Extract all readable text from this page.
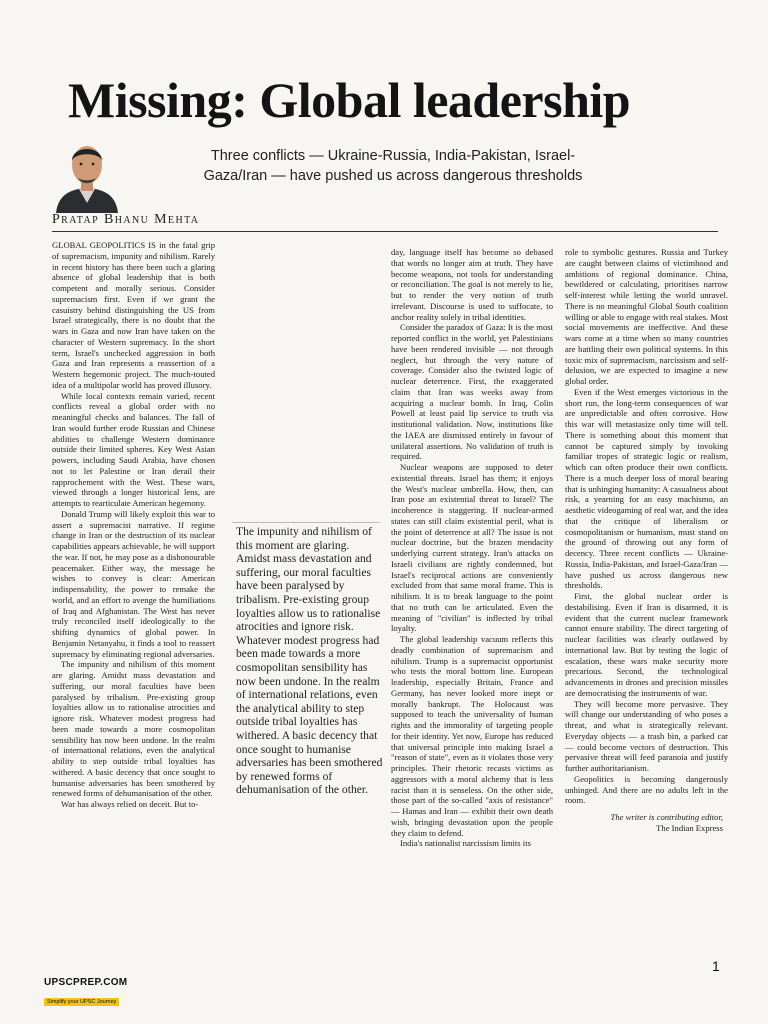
Missing: Global leadership
Three conflicts — Ukraine-Russia, India-Pakistan, Israel-Gaza/Iran — have pushed us across dangerous thresholds
Pratap Bhanu Mehta

GLOBAL GEOPOLITICS IS in the fatal grip of supremacism, impunity and nihilism. Rarely in recent history has there been such a glaring absence of global leadership that is both competent and morally serious. Consider supremacism first. Even if we grant the casuistry behind distinguishing the US from Israel strategically, there is no doubt that the wars in Gaza and now Iran have taken on the character of Western supremacy. In the short term, Israel's unchecked aggression in both Gaza and Iran represents a reassertion of a Western hegemonic project. The much-touted idea of a multipolar world has proved illusory.

While local contexts remain varied, recent conflicts reveal a global order with no meaningful checks and balances. The fall of Iran would further erode Russian and Chinese abilities to challenge Western dominance outside their limited spheres. Key West Asian powers, including Saudi Arabia, have chosen not to let Palestine or Iran derail their rapprochement with the West. These wars, viewed through a longer historical lens, are attempts to rearticulate American hegemony.

Donald Trump will likely exploit this war to assert a supremacist narrative. If regime change in Iran or the destruction of its nuclear capabilities appears achievable, he will support the war. If not, he may pose as a dishonourable peacemaker. Either way, the message he wishes to convey is clear: American indispensability, the power to remake the world, and an effort to avenge the humiliations of Iraq and Afghanistan. The West has never truly reconciled itself ideologically to the shifting dynamics of global power. In Benjamin Netanyahu, it finds a tool to reassert supremacy by eliminating regional adversaries.

The impunity and nihilism of this moment are glaring. Amidst mass devastation and suffering, our moral faculties have been paralysed by tribalism. Pre-existing group loyalties allow us to rationalise atrocities and ignore risk. Whatever modest progress had been made towards a more cosmopolitan sensibility has now been undone. In the realm of international relations, even the analytical ability to step outside tribal loyalties has withered. A basic decency that once sought to humanise adversaries has been smothered by renewed forms of dehumanisation of the other.

War has always relied on deceit. But to-

The impunity and nihilism of this moment are glaring. Amidst mass devastation and suffering, our moral faculties have been paralysed by tribalism. Pre-existing group loyalties allow us to rationalise atrocities and ignore risk. Whatever modest progress had been made towards a more cosmopolitan sensibility has now been undone. In the realm of international relations, even the analytical ability to step outside tribal loyalties has withered. A basic decency that once sought to humanise adversaries has been smothered by renewed forms of dehumanisation of the other.

day, language itself has become so debased that words no longer aim at truth. They have become weapons, not tools for understanding or reconciliation. The goal is not merely to lie, but to render the very notion of truth irrelevant. Discourse is used to suffocate, to anchor reality solely in tribal identities.

Consider the paradox of Gaza: It is the most reported conflict in the world, yet Palestinians have been rendered invisible — not through neglect, but through the very nature of coverage. Consider also the twisted logic of nuclear deterrence. First, the exaggerated claim that Iran was weeks away from acquiring a nuclear bomb. In Iraq, Colin Powell at least paid lip service to truth via institutional validation. Now, institutions like the IAEA are dismissed entirely in favour of unilateral assertions. No validation of truth is required.

Nuclear weapons are supposed to deter existential threats. Israel has them; it enjoys the West's nuclear umbrella. How, then, can Iran pose an existential threat to Israel? The incoherence is staggering. If nuclear-armed states can still claim existential peril, what is the point of deterrence at all? The issue is not nuclear doctrine, but the brazen mendacity underlying current strategy. Iran's attacks on Israeli civilians are rightly condemned, but Israel's reciprocal actions are conveniently excluded from that same moral frame. This is nihilism. It is to break language to the point that no truth can be articulated. Even the meaning of "civilian" is inflected by tribal loyalty.

The global leadership vacuum reflects this deadly combination of supremacism and nihilism. Trump is a supremacist opportunist who tests the moral bottom line. European leadership, especially Britain, France and Germany, has never looked more inept or morally bankrupt. The Holocaust was supposed to teach the universality of human rights and the immorality of targeting people for their identity. Yet now, Europe has reduced that universal principle into making Israel a "reason of state", even as it violates those very principles. Their rhetoric recasts victims as aggressors with a moral alchemy that is less racist than it is senseless. On the other side, those part of the so-called "axis of resistance" — Hamas and Iran — exhibit their own death wish, bringing devastation upon the people they claim to defend.

India's nationalist narcissism limits its

role to symbolic gestures. Russia and Turkey are caught between claims of victimhood and ambitions of regional dominance. China, bewildered or calculating, prioritises narrow self-interest while letting the world unravel. There is no meaningful Global South coalition willing or able to engage with real stakes. Most social movements are ineffective. And these wars come at a time when so many countries are battling their own political systems. In this toxic mix of supremacism, narcissism and self-delusion, we are expected to imagine a new global order.

Even if the West emerges victorious in the short run, the long-term consequences of war are unpredictable and often corrosive. How this war will metastasize only time will tell. There is something about this moment that cannot be captured simply by invoking familiar tropes of strategic logic or realism, which can often produce their own conflicts. There is a much deeper loss of moral bearing that is unhinging humanity: A casualness about risk, a yearning for an easy machismo, an aesthetic videogaming of real war, and the idea that the critique of liberalism or cosmopolitanism or humanism, must stand on the ground of throwing out any form of decency. Three recent conflicts — Ukraine-Russia, India-Pakistan, and Israel-Gaza/Iran — have pushed us across dangerous new thresholds.

First, the global nuclear order is destabilising. Even if Iran is disarmed, it is evident that the current nuclear framework cannot ensure stability. The direct targeting of nuclear facilities was clearly outlawed by international law. But by testing the logic of escalation, these wars make security more precarious. Second, the technological advancements in drones and precision missiles are democratising the instruments of war.

They will become more pervasive. They will change our understanding of who poses a threat, and what is strategically relevant. Everyday objects — a trash bin, a parked car — could become vectors of destruction. This pervasive threat will feed paranoia and justify further authoritarianism.

Geopolitics is becoming dangerously unhinged. And there are no adults left in the room.

The writer is contributing editor,
The Indian Express
UPSCPREP.COM
Simplify your UPSC Journey
1
